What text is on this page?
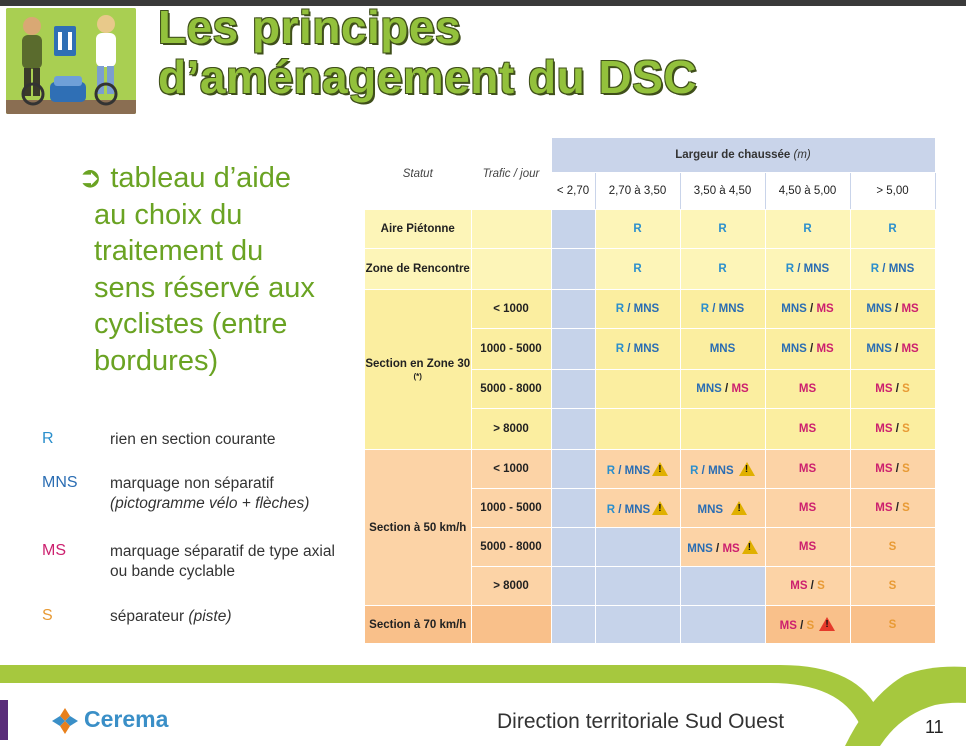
Les principes
d’aménagement du DSC
➲ tableau d’aide
au choix du
traitement du
sens réservé aux
cyclistes (entre
bordures)
R	rien en section courante
MNS marquage non séparatif
(pictogramme vélo + flèches)
MS	marquage séparatif de type axial
ou bande cyclable
S	séparateur (piste)
Statut	Trafic / jour	Largeur de chaussée (m)				
		< 2,70	2,70 à 3,50	3,50 à 4,50	4,50 à 5,00	> 5,00
Aire Piétonne			R	R	R	R
Zone de Rencontre			R	R	R / MNS	R / MNS
Section en Zone 30
(*)	< 1000		R / MNS	R / MNS	MNS / MS	MNS / MS
	1000 - 5000		R / MNS	MNS	MNS / MS	MNS / MS
	5000 - 8000			MNS / MS	MS	MS / S
	> 8000				MS	MS / S
Section à 50 km/h	< 1000		R / MNS!	R / MNS !	MS	MS / S
	1000 - 5000		R / MNS!	MNS  !	MS	MS / S
	5000 - 8000			MNS / MS!	MS	S
	> 8000				MS / S	S
Section à 70 km/h					MS / S !	S
Cerema	Direction territoriale Sud Ouest	11
